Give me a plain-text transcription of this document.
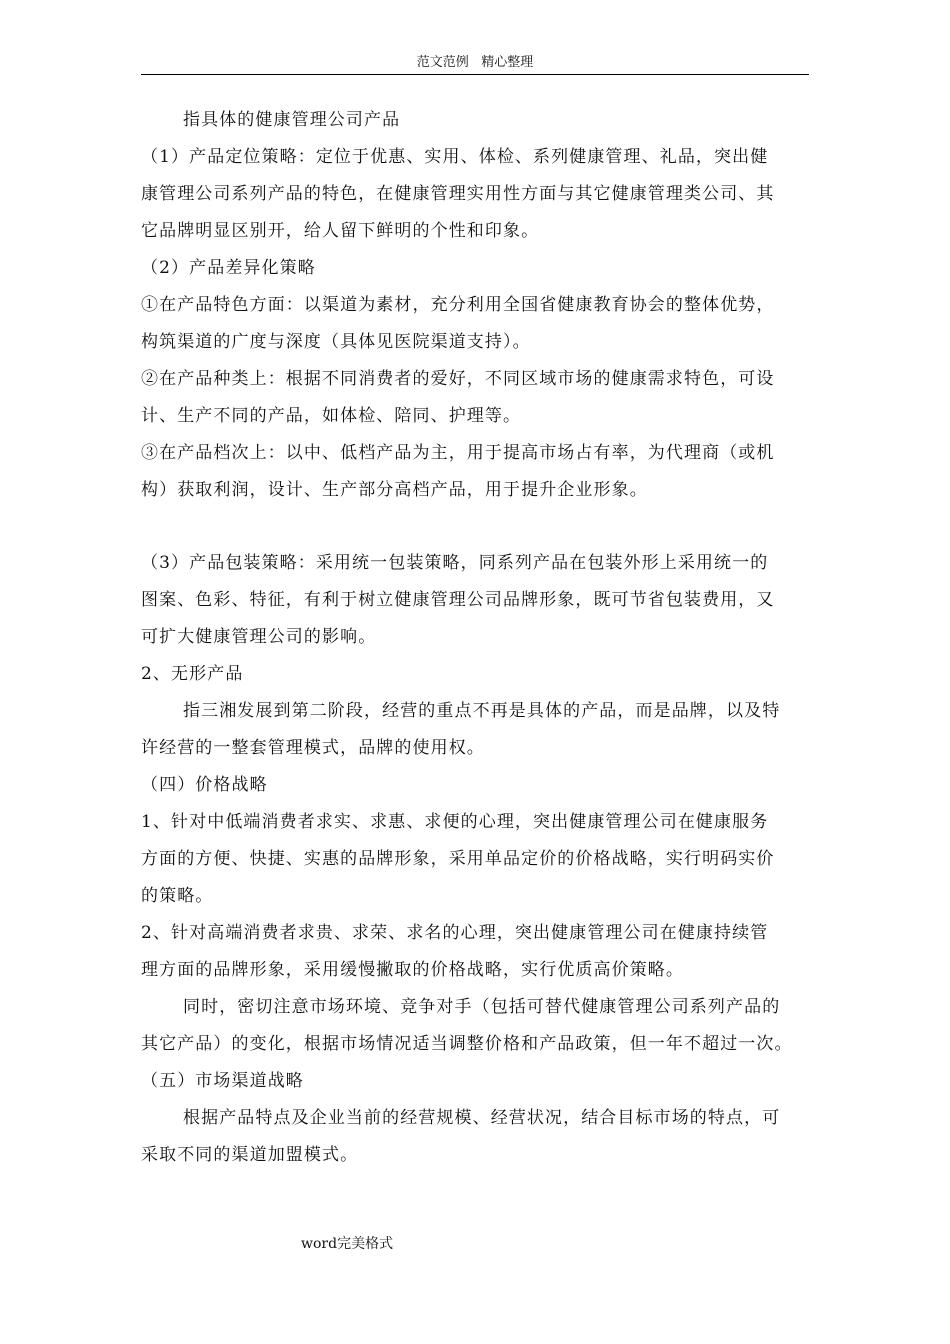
范文范例   精心整理
指具体的健康管理公司产品
（1）产品定位策略：定位于优惠、实用、体检、系列健康管理、礼品，突出健
康管理公司系列产品的特色，在健康管理实用性方面与其它健康管理类公司、其
它品牌明显区别开，给人留下鲜明的个性和印象。
（2）产品差异化策略
①在产品特色方面：以渠道为素材，充分利用全国省健康教育协会的整体优势，
构筑渠道的广度与深度（具体见医院渠道支持）。
②在产品种类上：根据不同消费者的爱好，不同区域市场的健康需求特色，可设
计、生产不同的产品，如体检、陪同、护理等。
③在产品档次上：以中、低档产品为主，用于提高市场占有率，为代理商（或机
构）获取利润，设计、生产部分高档产品，用于提升企业形象。
（3）产品包装策略：采用统一包装策略，同系列产品在包装外形上采用统一的
图案、色彩、特征，有利于树立健康管理公司品牌形象，既可节省包装费用，又
可扩大健康管理公司的影响。
2、无形产品
指三湘发展到第二阶段，经营的重点不再是具体的产品，而是品牌，以及特
许经营的一整套管理模式，品牌的使用权。
（四）价格战略
1、针对中低端消费者求实、求惠、求便的心理，突出健康管理公司在健康服务
方面的方便、快捷、实惠的品牌形象，采用单品定价的价格战略，实行明码实价
的策略。
2、针对高端消费者求贵、求荣、求名的心理，突出健康管理公司在健康持续管
理方面的品牌形象，采用缓慢撇取的价格战略，实行优质高价策略。
同时，密切注意市场环境、竞争对手（包括可替代健康管理公司系列产品的
其它产品）的变化，根据市场情况适当调整价格和产品政策，但一年不超过一次。
（五）市场渠道战略
根据产品特点及企业当前的经营规模、经营状况，结合目标市场的特点，可
采取不同的渠道加盟模式。
word完美格式
